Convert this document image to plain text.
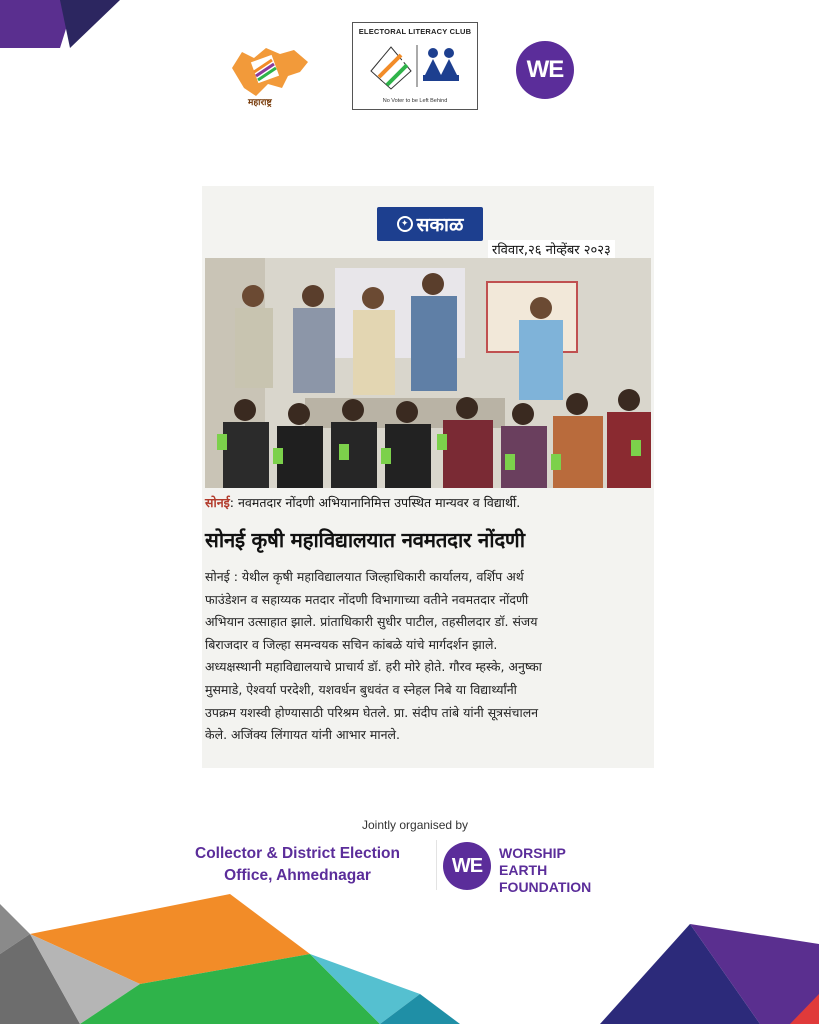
महाराष्ट्र
ELECTORAL LITERACY CLUB
No Voter to be Left Behind
WE
✦ सकाळ
रविवार,२६ नोव्हेंबर २०२३
सोनई: नवमतदार नोंदणी अभियानानिमित्त उपस्थित मान्यवर व विद्यार्थी.
सोनई कृषी महाविद्यालयात नवमतदार नोंदणी
सोनई : येथील कृषी महाविद्यालयात जिल्हाधिकारी कार्यालय, वर्शिप अर्थ
फाउंडेशन व सहाय्यक मतदार नोंदणी विभागाच्या वतीने नवमतदार नोंदणी
अभियान उत्साहात झाले. प्रांताधिकारी सुधीर पाटील, तहसीलदार डॉ. संजय
बिराजदार व जिल्हा समन्वयक सचिन कांबळे यांचे मार्गदर्शन झाले.
अध्यक्षस्थानी महाविद्यालयाचे प्राचार्य डॉ. हरी मोरे होते. गौरव म्हस्के, अनुष्का
मुसमाडे, ऐश्वर्या परदेशी, यशवर्धन बुधवंत व स्नेहल निबे या विद्यार्थ्यांनी
उपक्रम यशस्वी होण्यासाठी परिश्रम घेतले. प्रा. संदीप तांबे यांनी सूत्रसंचालन
केले. अजिंक्य लिंगायत यांनी आभार मानले.
Jointly organised by
Collector & District Election
Office, Ahmednagar	WE
WORSHIP
EARTH
FOUNDATION
